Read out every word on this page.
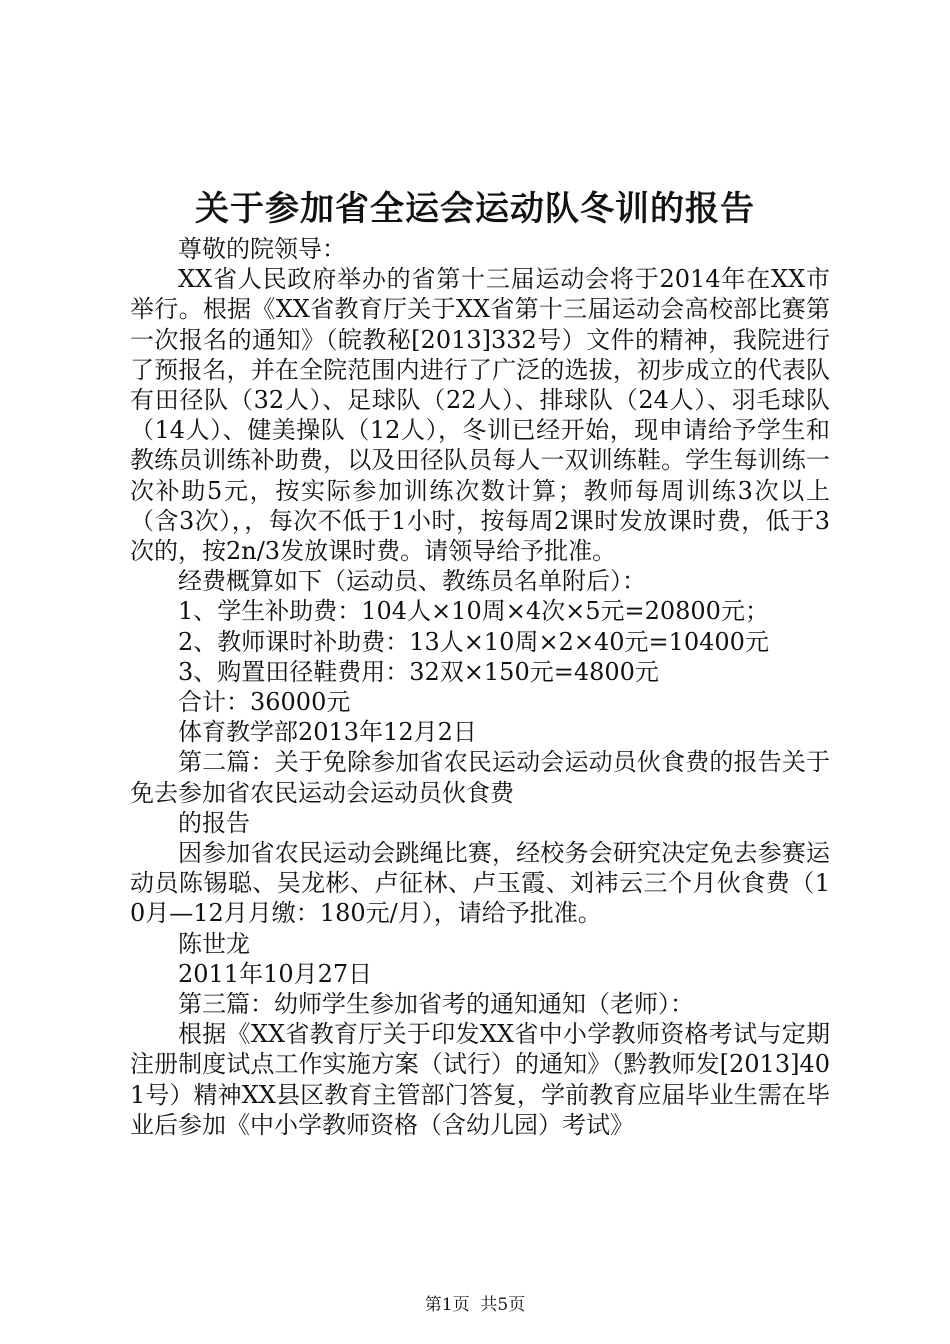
关于参加省全运会运动队冬训的报告

尊敬的院领导：

XX省人民政府举办的省第十三届运动会将于2014年在XX市举行。根据《XX省教育厅关于XX省第十三届运动会高校部比赛第一次报名的通知》（皖教秘[2013]332号）文件的精神，我院进行了预报名，并在全院范围内进行了广泛的选拔，初步成立的代表队有田径队（32人）、足球队（22人）、排球队（24人）、羽毛球队（14人）、健美操队（12人），冬训已经开始，现申请给予学生和教练员训练补助费，以及田径队员每人一双训练鞋。学生每训练一次补助5元，按实际参加训练次数计算；教师每周训练3次以上（含3次），，每次不低于1小时，按每周2课时发放课时费，低于3次的，按2n/3发放课时费。请领导给予批准。

经费概算如下（运动员、教练员名单附后）：

1、学生补助费：104人×10周×4次×5元=20800元；

2、教师课时补助费：13人×10周×2×40元=10400元

3、购置田径鞋费用：32双×150元=4800元

合计：36000元

体育教学部2013年12月2日

第二篇：关于免除参加省农民运动会运动员伙食费的报告关于免去参加省农民运动会运动员伙食费

的报告

因参加省农民运动会跳绳比赛，经校务会研究决定免去参赛运动员陈锡聪、吴龙彬、卢征林、卢玉霞、刘袆云三个月伙食费（10月—12月月缴：180元/月），请给予批准。

陈世龙

2011年10月27日

第三篇：幼师学生参加省考的通知通知（老师）：

根据《XX省教育厅关于印发XX省中小学教师资格考试与定期注册制度试点工作实施方案（试行）的通知》（黔教师发[2013]401号）精神XX县区教育主管部门答复，学前教育应届毕业生需在毕业后参加《中小学教师资格（含幼儿园）考试》

第1页 共5页
